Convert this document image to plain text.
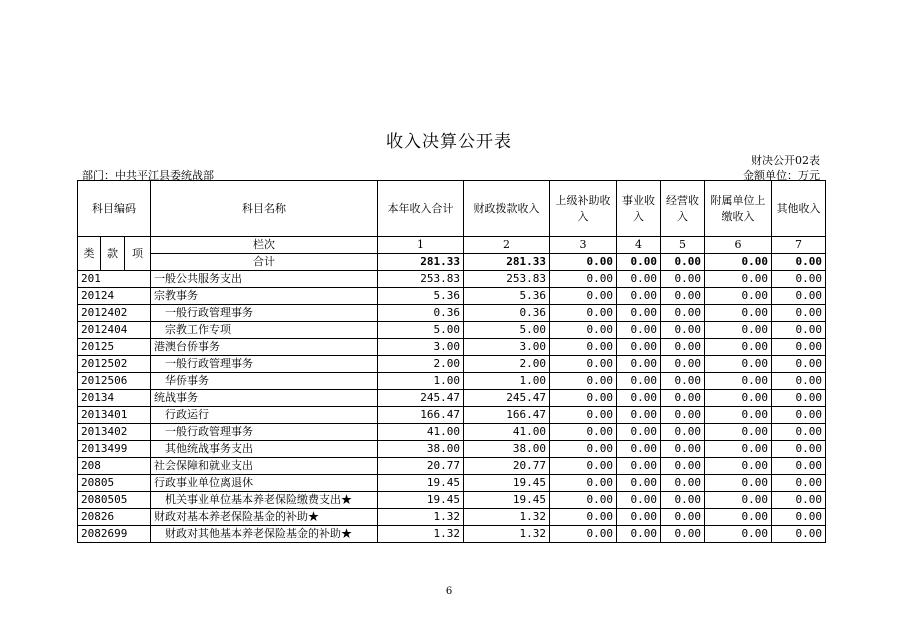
收入决算公开表
财决公开02表
部门：中共平江县委统战部	金额单位：万元
科目编码			科目名称	本年收入合计	财政拨款收入	上级补助收入	事业收入	经营收入	附属单位上缴收入	其他收入
类	款	项	栏次	1	2	3	4	5	6	7
			合计	281.33	281.33	0.00	0.00	0.00	0.00	0.00
201			一般公共服务支出	253.83	253.83	0.00	0.00	0.00	0.00	0.00
20124			宗教事务	5.36	5.36	0.00	0.00	0.00	0.00	0.00
2012402			一般行政管理事务	0.36	0.36	0.00	0.00	0.00	0.00	0.00
2012404			宗教工作专项	5.00	5.00	0.00	0.00	0.00	0.00	0.00
20125			港澳台侨事务	3.00	3.00	0.00	0.00	0.00	0.00	0.00
2012502			一般行政管理事务	2.00	2.00	0.00	0.00	0.00	0.00	0.00
2012506			华侨事务	1.00	1.00	0.00	0.00	0.00	0.00	0.00
20134			统战事务	245.47	245.47	0.00	0.00	0.00	0.00	0.00
2013401			行政运行	166.47	166.47	0.00	0.00	0.00	0.00	0.00
2013402			一般行政管理事务	41.00	41.00	0.00	0.00	0.00	0.00	0.00
2013499			其他统战事务支出	38.00	38.00	0.00	0.00	0.00	0.00	0.00
208			社会保障和就业支出	20.77	20.77	0.00	0.00	0.00	0.00	0.00
20805			行政事业单位离退休	19.45	19.45	0.00	0.00	0.00	0.00	0.00
2080505			机关事业单位基本养老保险缴费支出★	19.45	19.45	0.00	0.00	0.00	0.00	0.00
20826			财政对基本养老保险基金的补助★	1.32	1.32	0.00	0.00	0.00	0.00	0.00
2082699			财政对其他基本养老保险基金的补助★	1.32	1.32	0.00	0.00	0.00	0.00	0.00
6
